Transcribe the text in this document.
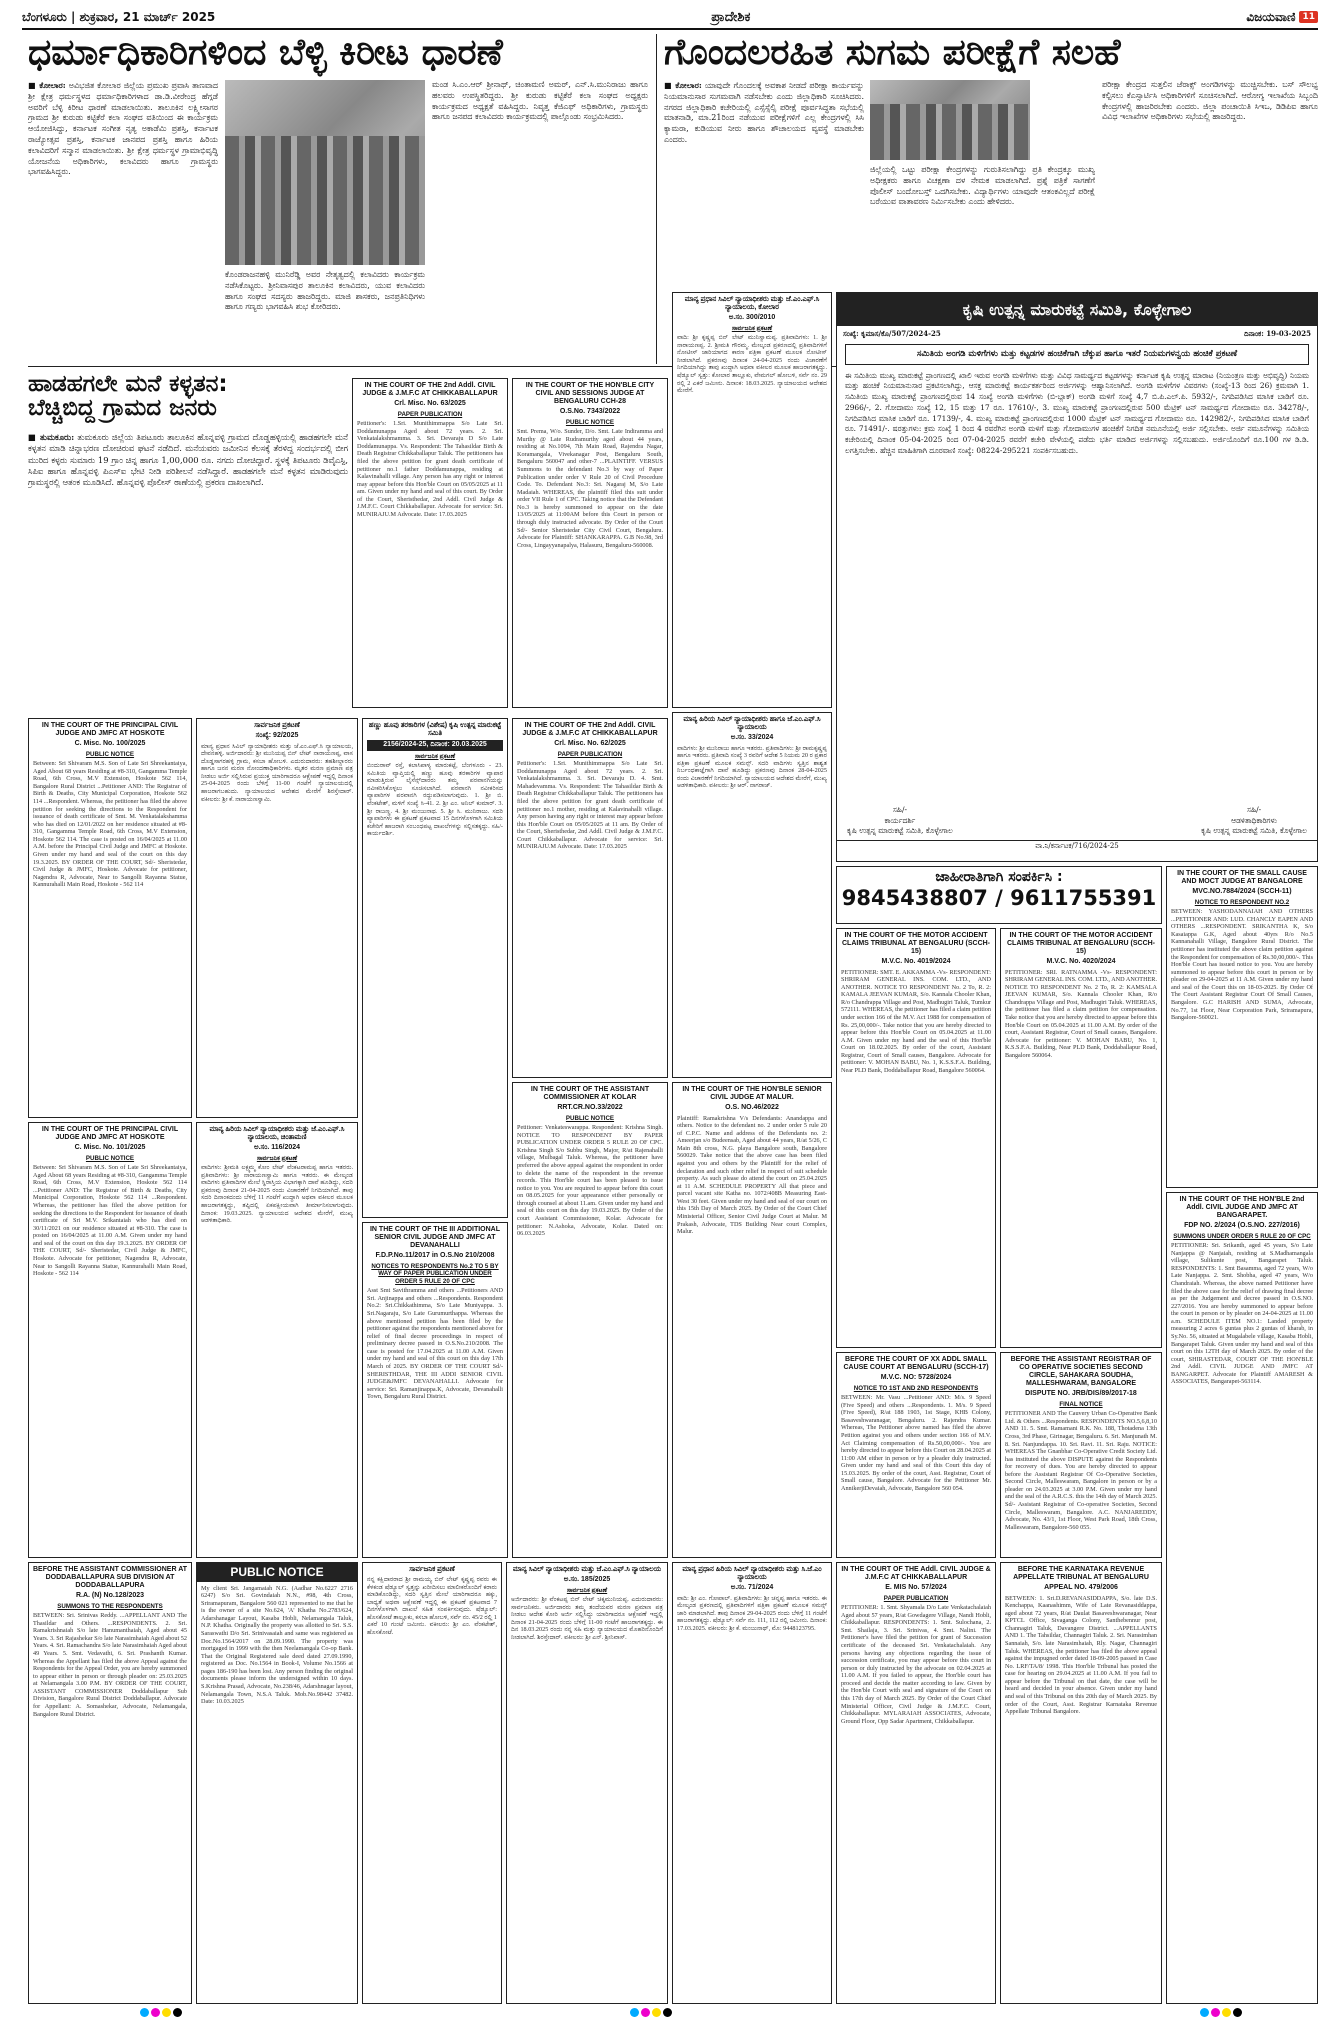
ಬೆಂಗಳೂರು | ಶುಕ್ರವಾರ, 21 ಮಾರ್ಚ್ 2025	ಪ್ರಾದೇಶಿಕ	ವಿಜಯವಾಣಿ 11
ಧರ್ಮಾಧಿಕಾರಿಗಳಿಂದ ಬೆಳ್ಳಿ ಕಿರೀಟ ಧಾರಣೆ	ಗೊಂದಲರಹಿತ ಸುಗಮ ಪರೀಕ್ಷೆಗೆ ಸಲಹೆ
■ ಕೋಲಾರ: ಅವಿಭಜಿತ ಕೋಲಾರ ಜಿಲ್ಲೆಯ ಪ್ರಮುಖ ಪ್ರವಾಸಿ ತಾಣವಾದ ಶ್ರೀ ಕ್ಷೇತ್ರ ಧರ್ಮಸ್ಥಳದ ಧರ್ಮಾಧಿಕಾರಿಗಳಾದ ಡಾ.ಡಿ.ವೀರೇಂದ್ರ ಹೆಗ್ಗಡೆ ಅವರಿಗೆ ಬೆಳ್ಳಿ ಕಿರೀಟ ಧಾರಣೆ ಮಾಡಲಾಯಿತು. ತಾಲೂಕಿನ ಲಕ್ಷ್ಮೀಸಾಗರ ಗ್ರಾಮದ ಶ್ರೀ ಕುರುಡು ಕಟ್ಟಿಕೆರೆ ಕಲಾ ಸಂಘದ ವತಿಯಿಂದ ಈ ಕಾರ್ಯಕ್ರಮ ಆಯೋಜಿಸಿದ್ದು, ಕರ್ನಾಟಕ ಸಂಗೀತ ನೃತ್ಯ ಅಕಾಡೆಮಿ ಪ್ರಶಸ್ತಿ, ಕರ್ನಾಟಕ ರಾಜ್ಯೋತ್ಸವ ಪ್ರಶಸ್ತಿ, ಕರ್ನಾಟಕ ಜಾನಪದ ಪ್ರಶಸ್ತಿ ಹಾಗೂ ಹಿರಿಯ ಕಲಾವಿದರಿಗೆ ಸನ್ಮಾನ ಮಾಡಲಾಯಿತು. ಶ್ರೀ ಕ್ಷೇತ್ರ ಧರ್ಮಸ್ಥಳ ಗ್ರಾಮಾಭಿವೃದ್ಧಿ ಯೋಜನೆಯ ಅಧಿಕಾರಿಗಳು, ಕಲಾವಿದರು ಹಾಗೂ ಗ್ರಾಮಸ್ಥರು ಭಾಗವಹಿಸಿದ್ದರು.
ಕೊಂಡರಾಜನಹಳ್ಳಿ ಮುನಿರೆಡ್ಡಿ ಅವರ ನೇತೃತ್ವದಲ್ಲಿ ಕಲಾವಿದರು ಕಾರ್ಯಕ್ರಮ ನಡೆಸಿಕೊಟ್ಟರು. ಶ್ರೀನಿವಾಸಪುರ ತಾಲೂಕಿನ ಕಲಾವಿದರು, ಯುವ ಕಲಾವಿದರು ಹಾಗೂ ಸಂಘದ ಸದಸ್ಯರು ಹಾಜರಿದ್ದರು. ಮಾಜಿ ಶಾಸಕರು, ಜನಪ್ರತಿನಿಧಿಗಳು ಹಾಗೂ ಗಣ್ಯರು ಭಾಗವಹಿಸಿ ಶುಭ ಕೋರಿದರು.
ಮಂಡ ಸಿ.ಎಂ.ಆರ್ ಶ್ರೀನಾಥ್, ಚಿಂತಾಮಣಿ ಅಮರ್, ಎನ್.ಸಿ.ಮುನಿರಾಜು ಹಾಗೂ ಹಲವರು ಉಪಸ್ಥಿತರಿದ್ದರು. ಶ್ರೀ ಕುರುಡು ಕಟ್ಟಿಕೆರೆ ಕಲಾ ಸಂಘದ ಅಧ್ಯಕ್ಷರು ಕಾರ್ಯಕ್ರಮದ ಅಧ್ಯಕ್ಷತೆ ವಹಿಸಿದ್ದರು. ನಿವೃತ್ತ ಕೆಜಿಎಫ್ ಅಧಿಕಾರಿಗಳು, ಗ್ರಾಮಸ್ಥರು ಹಾಗೂ ಜನಪದ ಕಲಾವಿದರು ಕಾರ್ಯಕ್ರಮದಲ್ಲಿ ಪಾಲ್ಗೊಂಡು ಸಂಭ್ರಮಿಸಿದರು.
■ ಕೋಲಾರ: ಯಾವುದೇ ಗೊಂದಲಕ್ಕೆ ಅವಕಾಶ ನೀಡದೆ ಪರೀಕ್ಷಾ ಕಾರ್ಯವನ್ನು ನಿಯಮಾನುಸಾರ ಸುಗಮವಾಗಿ ನಡೆಸಬೇಕು ಎಂದು ಜಿಲ್ಲಾಧಿಕಾರಿ ಸೂಚಿಸಿದರು. ನಗರದ ಜಿಲ್ಲಾಧಿಕಾರಿ ಕಚೇರಿಯಲ್ಲಿ ಎಸ್ಸೆಸ್ಸೆಲ್ಸಿ ಪರೀಕ್ಷೆ ಪೂರ್ವಸಿದ್ಧತಾ ಸಭೆಯಲ್ಲಿ ಮಾತನಾಡಿ, ಮಾ.21ರಿಂದ ನಡೆಯುವ ಪರೀಕ್ಷೆಗಳಿಗೆ ಎಲ್ಲ ಕೇಂದ್ರಗಳಲ್ಲಿ ಸಿಸಿ ಕ್ಯಾಮರಾ, ಕುಡಿಯುವ ನೀರು ಹಾಗೂ ಶೌಚಾಲಯದ ವ್ಯವಸ್ಥೆ ಮಾಡಬೇಕು ಎಂದರು.
ಜಿಲ್ಲೆಯಲ್ಲಿ ಒಟ್ಟು ಪರೀಕ್ಷಾ ಕೇಂದ್ರಗಳನ್ನು ಗುರುತಿಸಲಾಗಿದ್ದು ಪ್ರತಿ ಕೇಂದ್ರಕ್ಕೂ ಮುಖ್ಯ ಅಧೀಕ್ಷಕರು ಹಾಗೂ ವಿಚಕ್ಷಣಾ ದಳ ನೇಮಕ ಮಾಡಲಾಗಿದೆ. ಪ್ರಶ್ನೆ ಪತ್ರಿಕೆ ಸಾಗಣೆಗೆ ಪೊಲೀಸ್ ಬಂದೋಬಸ್ತ್ ಒದಗಿಸಬೇಕು. ವಿದ್ಯಾರ್ಥಿಗಳು ಯಾವುದೇ ಆತಂಕವಿಲ್ಲದೆ ಪರೀಕ್ಷೆ ಬರೆಯುವ ವಾತಾವರಣ ನಿರ್ಮಿಸಬೇಕು ಎಂದು ಹೇಳಿದರು.
ಪರೀಕ್ಷಾ ಕೇಂದ್ರದ ಸುತ್ತಲಿನ ಜೆರಾಕ್ಸ್ ಅಂಗಡಿಗಳನ್ನು ಮುಚ್ಚಿಸಬೇಕು. ಬಸ್ ಸೌಲಭ್ಯ ಕಲ್ಪಿಸಲು ಕೆಎಸ್ಸಾರ್ಟಿಸಿ ಅಧಿಕಾರಿಗಳಿಗೆ ಸೂಚಿಸಲಾಗಿದೆ. ಆರೋಗ್ಯ ಇಲಾಖೆಯ ಸಿಬ್ಬಂದಿ ಕೇಂದ್ರಗಳಲ್ಲಿ ಹಾಜರಿರಬೇಕು ಎಂದರು. ಜಿಲ್ಲಾ ಪಂಚಾಯಿತಿ ಸಿಇಒ, ಡಿಡಿಪಿಐ ಹಾಗೂ ವಿವಿಧ ಇಲಾಖೆಗಳ ಅಧಿಕಾರಿಗಳು ಸಭೆಯಲ್ಲಿ ಹಾಜರಿದ್ದರು.
ಹಾಡಹಗಲೇ ಮನೆ ಕಳ್ಳತನ:
ಬೆಚ್ಚಿಬಿದ್ದ ಗ್ರಾಮದ ಜನರು
■ ತುಮಕೂರು: ತುಮಕೂರು ಜಿಲ್ಲೆಯ ತಿಪಟೂರು ತಾಲೂಕಿನ ಹೊನ್ನವಳ್ಳಿ ಗ್ರಾಮದ ದೊಡ್ಡಹಳ್ಳಿಯಲ್ಲಿ ಹಾಡಹಗಲೇ ಮನೆ ಕಳ್ಳತನ ಮಾಡಿ ಚಿನ್ನಾಭರಣ ದೋಚಿರುವ ಘಟನೆ ನಡೆದಿದೆ. ಮನೆಯವರು ಜಮೀನಿನ ಕೆಲಸಕ್ಕೆ ತೆರಳಿದ್ದ ಸಂದರ್ಭದಲ್ಲಿ ಬೀಗ ಮುರಿದ ಕಳ್ಳರು ಸುಮಾರು 19 ಗ್ರಾಂ ಚಿನ್ನ ಹಾಗೂ 1,00,000 ರೂ. ನಗದು ದೋಚಿದ್ದಾರೆ. ಸ್ಥಳಕ್ಕೆ ತಿಪಟೂರು ಡಿವೈಎಸ್ಪಿ, ಸಿಪಿಐ ಹಾಗೂ ಹೊನ್ನವಳ್ಳಿ ಪಿಎಸ್ಐ ಭೇಟಿ ನೀಡಿ ಪರಿಶೀಲನೆ ನಡೆಸಿದ್ದಾರೆ. ಹಾಡಹಗಲೇ ಮನೆ ಕಳ್ಳತನ ಮಾಡಿರುವುದು ಗ್ರಾಮಸ್ಥರಲ್ಲಿ ಆತಂಕ ಮೂಡಿಸಿದೆ. ಹೊನ್ನವಳ್ಳಿ ಪೊಲೀಸ್ ಠಾಣೆಯಲ್ಲಿ ಪ್ರಕರಣ ದಾಖಲಾಗಿದೆ.
ಕೃಷಿ ಉತ್ಪನ್ನ ಮಾರುಕಟ್ಟೆ ಸಮಿತಿ, ಕೊಳ್ಳೇಗಾಲ
ಸಂಖ್ಯೆ: ಕೃಮಾಸ/ಕೊ/507/2024-25	ದಿನಾಂಕ: 19-03-2025
ಸಮಿತಿಯ ಅಂಗಡಿ ಮಳಿಗೆಗಳು ಮತ್ತು ಕಟ್ಟಡಗಳ ಹಂಚಿಕೆಗಾಗಿ ಚೆಕ್ಕುಪ ಹಾಗೂ ಇತರೆ ನಿಯಮಗಳನ್ವಯ ಹಂಚಿಕೆ ಪ್ರಕಟಣೆ

ಈ ಸಮಿತಿಯ ಮುಖ್ಯ ಮಾರುಕಟ್ಟೆ ಪ್ರಾಂಗಣದಲ್ಲಿ ಖಾಲಿ ಇರುವ ಅಂಗಡಿ ಮಳಿಗೆಗಳು ಮತ್ತು ವಿವಿಧ ಸಾಮರ್ಥ್ಯದ ಕಟ್ಟಡಗಳನ್ನು ಕರ್ನಾಟಕ ಕೃಷಿ ಉತ್ಪನ್ನ ಮಾರಾಟ (ನಿಯಂತ್ರಣ ಮತ್ತು ಅಭಿವೃದ್ಧಿ) ನಿಯಮ ಮತ್ತು ಹಂಚಿಕೆ ನಿಯಮಾನುಸಾರ ಪ್ರಕಟಿಸಲಾಗಿದ್ದು, ಆಸಕ್ತ ಮಾರುಕಟ್ಟೆ ಕಾರ್ಯಕರ್ತರಿಂದ ಅರ್ಜಿಗಳನ್ನು ಆಹ್ವಾನಿಸಲಾಗಿದೆ. ಅಂಗಡಿ ಮಳಿಗೆಗಳ ವಿವರಗಳು (ಸಂಖ್ಯೆ-13 ರಿಂದ 26) ಕ್ರಮವಾಗಿ 1. ಸಮಿತಿಯ ಮುಖ್ಯ ಮಾರುಕಟ್ಟೆ ಪ್ರಾಂಗಣದಲ್ಲಿರುವ 14 ಸಂಖ್ಯೆ ಅಂಗಡಿ ಮಳಿಗೆಗಳು (ಬಿ-ಬ್ಲಾಕ್) ಅಂಗಡಿ ಮಳಿಗೆ ಸಂಖ್ಯೆ 4,7 ಬಿ.ಪಿ.ಎಲ್.ಪಿ. 5932/-, ನಿಗದಿಪಡಿಸಿದ ಮಾಸಿಕ ಬಾಡಿಗೆ ರೂ. 2966/-, 2. ಗೋದಾಮು ಸಂಖ್ಯೆ 12, 15 ಮತ್ತು 17 ರೂ. 17610/-, 3. ಮುಖ್ಯ ಮಾರುಕಟ್ಟೆ ಪ್ರಾಂಗಣದಲ್ಲಿರುವ 500 ಮೆಟ್ರಿಕ್ ಟನ್ ಸಾಮರ್ಥ್ಯದ ಗೋದಾಮು ರೂ. 34278/-, ನಿಗದಿಪಡಿಸಿದ ಮಾಸಿಕ ಬಾಡಿಗೆ ರೂ. 17139/-, 4. ಮುಖ್ಯ ಮಾರುಕಟ್ಟೆ ಪ್ರಾಂಗಣದಲ್ಲಿರುವ 1000 ಮೆಟ್ರಿಕ್ ಟನ್ ಸಾಮರ್ಥ್ಯದ ಗೋದಾಮು ರೂ. 142982/-, ನಿಗದಿಪಡಿಸಿದ ಮಾಸಿಕ ಬಾಡಿಗೆ ರೂ. 71491/-. ಷರತ್ತುಗಳು: ಕ್ರಮ ಸಂಖ್ಯೆ 1 ರಿಂದ 4 ರವರೆಗಿನ ಅಂಗಡಿ ಮಳಿಗೆ ಮತ್ತು ಗೋದಾಮುಗಳ ಹಂಚಿಕೆಗೆ ನಿಗದಿತ ನಮೂನೆಯಲ್ಲಿ ಅರ್ಜಿ ಸಲ್ಲಿಸಬೇಕು. ಅರ್ಜಿ ನಮೂನೆಗಳನ್ನು ಸಮಿತಿಯ ಕಚೇರಿಯಲ್ಲಿ ದಿನಾಂಕ 05-04-2025 ರಿಂದ 07-04-2025 ರವರೆಗೆ ಕಚೇರಿ ವೇಳೆಯಲ್ಲಿ ಪಡೆದು ಭರ್ತಿ ಮಾಡಿದ ಅರ್ಜಿಗಳನ್ನು ಸಲ್ಲಿಸಬಹುದು. ಅರ್ಜಿಯೊಂದಿಗೆ ರೂ.100 ಗಳ ಡಿ.ಡಿ. ಲಗತ್ತಿಸಬೇಕು. ಹೆಚ್ಚಿನ ಮಾಹಿತಿಗಾಗಿ ದೂರವಾಣಿ ಸಂಖ್ಯೆ: 08224-295221 ಸಂಪರ್ಕಿಸಬಹುದು.

ಸಹಿ/-
ಕಾರ್ಯದರ್ಶಿ
ಕೃಷಿ ಉತ್ಪನ್ನ ಮಾರುಕಟ್ಟೆ ಸಮಿತಿ, ಕೊಳ್ಳೇಗಾಲ
ಸಹಿ/-
ಆಡಳಿತಾಧಿಕಾರಿಗಳು
ಕೃಷಿ ಉತ್ಪನ್ನ ಮಾರುಕಟ್ಟೆ ಸಮಿತಿ, ಕೊಳ್ಳೇಗಾಲ
ವಾ.ನಿ/ಕರ್ನಾಟಕ/716/2024-25
ಜಾಹೀರಾತಿಗಾಗಿ ಸಂಪರ್ಕಿಸಿ :
9845438807 / 9611755391
IN THE COURT OF THE PRINCIPAL CIVIL JUDGE AND JMFC AT HOSKOTE
C. Misc. No. 100/2025
PUBLIC NOTICE

Between: Sri Shivaram M.S. Son of Late Sri Shreekantaiya, Aged About 68 years Residing at #8-310, Gangamma Temple Road, 6th Cross, M.V Extension, Hoskote 562 114, Bangalore Rural District ...Petitioner AND: The Registrar of Birth & Deaths, City Municipal Corporation, Hoskote 562 114 ...Respondent. Whereas, the petitioner has filed the above petition for seeking the directions to the Respondent for issuance of death certificate of Smt. M. Venkatalakshamma who has died on 12/01/2022 on her residence situated at #8-310, Gangamma Temple Road, 6th Cross, M.V Extension, Hoskote 562 114. The case is posted on 16/04/2025 at 11.00 A.M. before the Principal Civil Judge and JMFC at Hoskote. Given under my hand and seal of the court on this day 19.3.2025. BY ORDER OF THE COURT, Sd/- Sheristedar, Civil Judge & JMFC, Hoskote. Advocate for petitioner, Nagendra R, Advocate, Near to Sangolli Rayanna Statue, Kannurahalli Main Road, Hoskote - 562 114

IN THE COURT OF THE PRINCIPAL CIVIL JUDGE AND JMFC AT HOSKOTE
C. Misc. No. 101/2025
PUBLIC NOTICE

Between: Sri Shivaram M.S. Son of Late Sri Shreekantaiya, Aged About 68 years Residing at #8-310, Gangamma Temple Road, 6th Cross, M.V Extension, Hoskote 562 114 ...Petitioner AND: The Registrar of Birth & Deaths, City Municipal Corporation, Hoskote 562 114 ...Respondent. Whereas, the petitioner has filed the above petition for seeking the directions to the Respondent for issuance of death certificate of Sri M.V. Srikantaiah who has died on 30/11/2021 on our residence situated at #8-310. The case is posted on 16/04/2025 at 11.00 A.M. Given under my hand and seal of the court on this day 19.3.2025. BY ORDER OF THE COURT, Sd/- Sheristedar, Civil Judge & JMFC, Hoskote. Advocate for petitioner, Nagendra R, Advocate, Near to Sangolli Rayanna Statue, Kannurahalli Main Road, Hoskote - 562 114

BEFORE THE ASSISTANT COMMISSIONER AT DODDABALLAPURA SUB DIVISION AT DODDABALLAPURA
R.A. (N) No.128/2023
SUMMONS TO THE RESPONDENTS

BETWEEN: Sri. Srinivas Reddy. ...APPELLANT AND The Thasildar and Others. ...RESPONDENTS. 2. Sri. Ramakrishnaiah S/o late Hanumanthaiah, Aged about 45 Years. 3. Sri Rajashekar S/o late Narasimhaiah Aged about 52 Years. 4. Sri. Ramachandra S/o late Narasimhaiah Aged about 49 Years. 5. Smt. Vedavathi, 6. Sri. Prashanth Kumar. Whereas the Appellant has filed the above Appeal against the Respondents for the Appeal Order, you are hereby summoned to appear either in person or through pleader on: 25.03.2025 at Nelamangala 3.00 P.M. BY ORDER OF THE COURT, ASSISTANT COMMISSIONER Doddaballapur Sub Division, Bangalore Rural District Doddaballapur. Advocate for Appellant: A. Somashekar, Advocate, Nelamangala, Bangalore Rural District.

ಸಾರ್ವಜನಿಕ ಪ್ರಕಟಣೆ
ಸಂಖ್ಯೆ: 92/2025

ಮಾನ್ಯ ಪ್ರಧಾನ ಸಿವಿಲ್ ನ್ಯಾಯಾಧೀಶರು ಮತ್ತು ಜೆ.ಎಂ.ಎಫ್.ಸಿ ನ್ಯಾಯಾಲಯ, ದೇವನಹಳ್ಳಿ. ಅರ್ಜಿದಾರರು: ಶ್ರೀ ಮುನಿಯಪ್ಪ ಬಿನ್ ಲೇಟ್ ನಾರಾಯಣಪ್ಪ, ವಾಸ ದೊಡ್ಡಸಾಗರಹಳ್ಳಿ ಗ್ರಾಮ, ಕಸಬಾ ಹೋಬಳಿ. ಎದುರುದಾರರು: ತಹಶೀಲ್ದಾರರು ಹಾಗೂ ಜನನ ಮರಣ ನೋಂದಣಾಧಿಕಾರಿಗಳು. ಮೃತರ ಮರಣ ಪ್ರಮಾಣ ಪತ್ರ ನೀಡಲು ಅರ್ಜಿ ಸಲ್ಲಿಸಿರುವ ಪ್ರಯುಕ್ತ ಯಾರಿಗಾದರೂ ಆಕ್ಷೇಪಣೆ ಇದ್ದಲ್ಲಿ ದಿನಾಂಕ 25-04-2025 ರಂದು ಬೆಳಿಗ್ಗೆ 11-00 ಗಂಟೆಗೆ ನ್ಯಾಯಾಲಯದಲ್ಲಿ ಹಾಜರಾಗಬಹುದು. ನ್ಯಾಯಾಲಯದ ಆದೇಶದ ಮೇರೆಗೆ ಶಿರಸ್ತೇದಾರ್. ವಕೀಲರು: ಶ್ರೀ ಕೆ. ನಾರಾಯಣಸ್ವಾಮಿ.

ಮಾನ್ಯ ಹಿರಿಯ ಸಿವಿಲ್ ನ್ಯಾಯಾಧೀಶರು ಮತ್ತು ಜೆ.ಎಂ.ಎಫ್.ಸಿ ನ್ಯಾಯಾಲಯ, ಚಿಂತಾಮಣಿ
ಅ.ಸಂ. 116/2024
ಸಾರ್ವಜನಿಕ ಪ್ರಕಟಣೆ

ವಾದಿಗಳು: ಶ್ರೀಮತಿ ಲಕ್ಷ್ಮಮ್ಮ ಕೋಂ ಲೇಟ್ ವೆಂಕಟರಾಮಪ್ಪ ಹಾಗೂ ಇತರರು. ಪ್ರತಿವಾದಿಗಳು: ಶ್ರೀ ನಾರಾಯಣಸ್ವಾಮಿ ಹಾಗೂ ಇತರರು. ಈ ಮೇಲ್ಕಂಡ ವಾದಿಗಳು ಪ್ರತಿವಾದಿಗಳ ಮೇಲೆ ಸ್ಥಿರಾಸ್ತಿಯ ವಿಭಾಗಕ್ಕಾಗಿ ದಾವೆ ಹೂಡಿದ್ದು, ಸದರಿ ಪ್ರಕರಣವು ದಿನಾಂಕ 21-04-2025 ರಂದು ವಿಚಾರಣೆಗೆ ನಿಗದಿಯಾಗಿದೆ. ತಾವು ಸದರಿ ದಿನಾಂಕದಂದು ಬೆಳಿಗ್ಗೆ 11 ಗಂಟೆಗೆ ಖುದ್ದಾಗಿ ಅಥವಾ ವಕೀಲರ ಮೂಲಕ ಹಾಜರಾಗತಕ್ಕದ್ದು, ತಪ್ಪಿದಲ್ಲಿ ಏಕಪಕ್ಷೀಯವಾಗಿ ತೀರ್ಮಾನಿಸಲಾಗುವುದು. ದಿನಾಂಕ: 19.03.2025. ನ್ಯಾಯಾಲಯದ ಆದೇಶದ ಮೇರೆಗೆ, ಮುಖ್ಯ ಆಡಳಿತಾಧಿಕಾರಿ.

PUBLIC NOTICE

My client Sri. Jangamaiah N.G. (Aadhar No.6227 2716 6247) S/o Sri. Govindaiah N.N., #98, 4th Cross, Sriramapuram, Bangalore 560 021 represented to me that he is the owner of a site No.624, 'A' Khatha No.2783/624, Adarshanagar Layout, Kasaba Hobli, Nelamangala Taluk, N.P. Khatha. Originally the property was allotted to Sri. S.S. Saraswathi D/o Sri. Srinivasaiah and same was registered as Doc.No.1564/2017 on 28.09.1990. The property was mortgaged in 1999 with the then Neelamangala Co-op Bank. That the Original Registered sale deed dated 27.09.1990, registered as Doc. No.1564 in Book-I, Volume No.1566 at pages 186-190 has been lost. Any person finding the original documents please inform the undersigned within 10 days. S.Krishna Prasad, Advocate, No.238/46, Adarshnagar layout, Nelamangala Town, N.S.A Taluk. Mob.No.98442 37482. Date: 10.03.2025

IN THE COURT OF THE 2nd Addl. CIVIL JUDGE & J.M.F.C AT CHIKKABALLAPUR
Crl. Misc. No. 63/2025
PAPER PUBLICATION

Petitioner's: 1.Sri. Munithimmappa S/o Late Sri. Doddamunappa Aged about 72 years. 2. Sri. Venkatalakshmamma. 3. Sri. Devaraju D S/o Late Doddamunappa. Vs. Respondent: The Tahasildar Birth & Death Registrar Chikkaballapur Taluk. The petitioners has filed the above petition for grant death certificate of petitioner no.1 father Doddamunappa, residing at Kalavinahalli village. Any person has any right or interest may appear before this Hon'ble Court on 05/05/2025 at 11 am. Given under my hand and seal of this court. By Order of the Court, Sheristhedar, 2nd Addl. Civil Judge & J.M.F.C. Court Chikkaballapur. Advocate for service: Sri. MUNIRAJU.M Advocate. Date: 17.03.2025

ಹಣ್ಣು ಹೂವು ತರಕಾರಿಗಳ (ವಿಶೇಷ) ಕೃಷಿ ಉತ್ಪನ್ನ ಮಾರುಕಟ್ಟೆ ಸಮಿತಿ
2156/2024-25, ದಿನಾಂಕ: 20.03.2025
ಸಾರ್ವಜನಿಕ ಪ್ರಕಟಣೆ

ಬಿಂದುರಾವ್ ರಸ್ತೆ, ಕಲಾಸಿಪಾಳ್ಯ ಮಾರುಕಟ್ಟೆ, ಬೆಂಗಳೂರು - 23. ಸಮಿತಿಯ ವ್ಯಾಪ್ತಿಯಲ್ಲಿ ಹಣ್ಣು ಹೂವು ತರಕಾರಿಗಳ ವ್ಯಾಪಾರ ಮಾಡುತ್ತಿರುವ ಲೈಸೆನ್ಸ್‌ದಾರರು ತಮ್ಮ ಪರವಾನಗಿಯನ್ನು ನವೀಕರಿಸಿಕೊಳ್ಳಲು ಸೂಚಿಸಲಾಗಿದೆ. ಪರವಾನಗಿ ನವೀಕರಿಸದ ವ್ಯಾಪಾರಿಗಳ ಪರವಾನಗಿ ರದ್ದುಪಡಿಸಲಾಗುವುದು. 1. ಶ್ರೀ ಬಿ. ವೆಂಕಟೇಶ್, ಮಳಿಗೆ ಸಂಖ್ಯೆ ಸಿ-41. 2. ಶ್ರೀ ಎಂ. ಅನಿಲ್ ಕುಮಾರ್. 3. ಶ್ರೀ ರಾಜಣ್ಣ. 4. ಶ್ರೀ ಮಂಜುನಾಥ. 5. ಶ್ರೀ ಸಿ. ಮುನಿರಾಜು. ಸದರಿ ವ್ಯಾಪಾರಿಗಳು ಈ ಪ್ರಕಟಣೆ ಪ್ರಕಟವಾದ 15 ದಿನಗಳೊಳಗಾಗಿ ಸಮಿತಿಯ ಕಚೇರಿಗೆ ಹಾಜರಾಗಿ ಸಂಬಂಧಪಟ್ಟ ದಾಖಲೆಗಳನ್ನು ಸಲ್ಲಿಸತಕ್ಕದ್ದು. ಸಹಿ/- ಕಾರ್ಯದರ್ಶಿ.

IN THE COURT OF THE III ADDITIONAL SENIOR CIVIL JUDGE AND JMFC AT DEVANAHALLI
F.D.P.No.11/2017 in O.S.No 210/2008
NOTICES TO RESPONDENTS No.2 TO 5 BY WAY OF PAPER PUBLICATION UNDER ORDER 5 RULE 20 OF CPC

Asst Smt Savithramma and others ...Petitioners AND Sri. Anjinappa and others ...Respondents. Respondent No.2: Sri.Chikkathimma, S/o Late Muniyappa. 3. Sri.Nagaraju, S/o Late Gurumurthappa. Whereas the above mentioned petition has been filed by the petitioner against the respondents mentioned above for relief of final decree proceedings in respect of preliminary decree passed in O.S.No.210/2008. The case is posted for 17.04.2025 at 11.00 A.M. Given under my hand and seal of this court on this day 17th March of 2025. BY ORDER OF THE COURT Sd/- SHERISTHDAR, THE III ADDI SENIOR CIVIL JUDGE&JMFC DEVANAHALLI. Advocate for service: Sri. Ramanjinappa.K, Advocate, Devanahalli Town, Bengaluru Rural District.

ಸಾರ್ವಜನಿಕ ಪ್ರಕಟಣೆ

ನನ್ನ ಕಕ್ಷಿದಾರರಾದ ಶ್ರೀ ರಾಮಯ್ಯ ಬಿನ್ ಲೇಟ್ ಕೃಷ್ಣಪ್ಪ ರವರು ಈ ಕೆಳಕಂಡ ಷೆಡ್ಯೂಲ್ ಸ್ವತ್ತನ್ನು ಖರೀದಿಸಲು ಮಾಲೀಕರೊಂದಿಗೆ ಕರಾರು ಮಾಡಿಕೊಂಡಿದ್ದು, ಸದರಿ ಸ್ವತ್ತಿನ ಮೇಲೆ ಯಾರಿಗಾದರೂ ಹಕ್ಕು, ಬಾಧ್ಯತೆ ಅಥವಾ ಆಕ್ಷೇಪಣೆ ಇದ್ದಲ್ಲಿ ಈ ಪ್ರಕಟಣೆ ಪ್ರಕಟವಾದ 7 ದಿನಗಳೊಳಗಾಗಿ ದಾಖಲೆ ಸಹಿತ ಸಂಪರ್ಕಿಸುವುದು. ಷೆಡ್ಯೂಲ್: ಹೊಸಕೋಟೆ ತಾಲ್ಲೂಕು, ಕಸಬಾ ಹೋಬಳಿ, ಸರ್ವೆ ನಂ. 45/2 ರಲ್ಲಿ 1 ಎಕರೆ 10 ಗುಂಟೆ ಜಮೀನು. ವಕೀಲರು: ಶ್ರೀ ಎಂ. ವೆಂಕಟೇಶ್, ಹೊಸಕೋಟೆ.

IN THE COURT OF THE HON'BLE CITY CIVIL AND SESSIONS JUDGE AT BENGALURU CCH-28
O.S.No. 7343/2022
PUBLIC NOTICE

Smt. Prema, W/o. Sunder, D/o. Smt. Late Indiramma and Murthy @ Late Rudramurthy aged about 44 years, residing at No.1094, 7th Main Road, Rajendra Nagar, Koramangala, Vivekanagar Post, Bengaluru South, Bengaluru 560047 and other-7 ...PLAINTIFF. VERSUS Summons to the defendant No.3 by way of Paper Publication under order V Rule 20 of Civil Procedure Code. To. Defendant No.3: Sri. Nagaraj M, S/o Late Madaiah. WHEREAS, the plaintiff filed this suit under order VII Rule 1 of CPC. Taking notice that the Defendant No.3 is hereby summoned to appear on the date 13/05/2025 at 11:00AM before this Court in person or through duly instructed advocate. By Order of the Court Sd/- Senior Sheristedar City Civil Court, Bengaluru. Advocate for Plaintiff: SHANKARAPPA. G.B No.98, 3rd Cross, Lingayyanapalya, Halasuru, Bengaluru-560008.

IN THE COURT OF THE 2nd Addl. CIVIL JUDGE & J.M.F.C AT CHIKKABALLAPUR
Crl. Misc. No. 62/2025
PAPER PUBLICATION

Petitioner's: 1.Sri. Munithimmappa S/o Late Sri. Doddamunappa Aged about 72 years. 2. Sri. Venkatalakshmamma. 3. Sri. Devaraju D. 4. Smt. Mahadevamma. Vs. Respondent: The Tahasildar Birth & Death Registrar Chikkaballapur Taluk. The petitioners has filed the above petition for grant death certificate of petitioner no.1 mother, residing at Kalavinahalli village. Any person having any right or interest may appear before this Hon'ble Court on 05/05/2025 at 11 am. By Order of the Court, Sheristhedar, 2nd Addl. Civil Judge & J.M.F.C. Court Chikkaballapur. Advocate for service: Sri. MUNIRAJU.M Advocate. Date: 17.03.2025

IN THE COURT OF THE ASSISTANT COMMISSIONER AT KOLAR
RRT.CR.NO.33/2022
PUBLIC NOTICE

Petitioner: Venkateswarappa. Respondent: Krishna Singh. NOTICE TO RESPONDENT BY PAPER PUBLICATION UNDER ORDER 5 RULE 20 OF CPC. Krishna Singh S/o Subbu Singh, Major, R/at Rajenahalli village, Mulbagal Taluk. Whereas, the petitioner have preferred the above appeal against the respondent in order to delete the name of the respondent in the revenue records. This Hon'ble court has been pleased to issue notice to you. You are required to appear before this court on 08.05.2025 for your appearance either personally or through counsel at about 11.am. Given under my hand and seal of this court on this day 19.03.2025. By Order of the court Assistant Commissioner, Kolar. Advocate for petitioner: N.Ashoka, Advocate, Kolar. Dated on: 06.03.2025

ಮಾನ್ಯ ಸಿವಿಲ್ ನ್ಯಾಯಾಧೀಶರು ಮತ್ತು ಜೆ.ಎಂ.ಎಫ್.ಸಿ ನ್ಯಾಯಾಲಯ
ಅ.ಸಂ. 185/2025
ಸಾರ್ವಜನಿಕ ಪ್ರಕಟಣೆ

ಅರ್ಜಿದಾರರು: ಶ್ರೀ ವೆಂಕಟಪ್ಪ ಬಿನ್ ಲೇಟ್ ಚಿಕ್ಕಮುನಿಯಪ್ಪ. ಎದುರುದಾರರು: ಸಾರ್ವಜನಿಕರು. ಅರ್ಜಿದಾರರು ತಮ್ಮ ತಂದೆಯವರ ಮರಣ ಪ್ರಮಾಣ ಪತ್ರ ನೀಡಲು ಆದೇಶ ಕೋರಿ ಅರ್ಜಿ ಸಲ್ಲಿಸಿದ್ದು ಯಾರಿಗಾದರೂ ಆಕ್ಷೇಪಣೆ ಇದ್ದಲ್ಲಿ ದಿನಾಂಕ 21-04-2025 ರಂದು ಬೆಳಿಗ್ಗೆ 11-00 ಗಂಟೆಗೆ ಹಾಜರಾಗತಕ್ಕದ್ದು. ಈ ದಿನ 18.03.2025 ರಂದು ನನ್ನ ಸಹಿ ಮತ್ತು ನ್ಯಾಯಾಲಯದ ಮೊಹರಿನೊಂದಿಗೆ ನೀಡಲಾಗಿದೆ. ಶಿರಸ್ತೇದಾರ್. ವಕೀಲರು: ಶ್ರೀ ಎನ್. ಶ್ರೀನಿವಾಸ್.

ಮಾನ್ಯ ಪ್ರಧಾನ ಸಿವಿಲ್ ನ್ಯಾಯಾಧೀಶರು ಮತ್ತು ಜೆ.ಎಂ.ಎಫ್.ಸಿ ನ್ಯಾಯಾಲಯ, ಕೋಲಾರ
ಅ.ಸಂ. 300/2010
ಸಾರ್ವಜನಿಕ ಪ್ರಕಟಣೆ

ವಾದಿ: ಶ್ರೀ ಕೃಷ್ಣಪ್ಪ ಬಿನ್ ಲೇಟ್ ಮುನಿಸ್ವಾಮಪ್ಪ. ಪ್ರತಿವಾದಿಗಳು: 1. ಶ್ರೀ ನಾರಾಯಣಪ್ಪ. 2. ಶ್ರೀಮತಿ ಗೌರಮ್ಮ. ಮೇಲ್ಕಂಡ ಪ್ರಕರಣದಲ್ಲಿ ಪ್ರತಿವಾದಿಗಳಿಗೆ ನೋಟೀಸ್ ಜಾರಿಯಾಗದ ಕಾರಣ ಪತ್ರಿಕಾ ಪ್ರಕಟಣೆ ಮೂಲಕ ನೋಟೀಸ್ ನೀಡಲಾಗಿದೆ. ಪ್ರಕರಣವು ದಿನಾಂಕ 24-04-2025 ರಂದು ವಿಚಾರಣೆಗೆ ನಿಗದಿಯಾಗಿದ್ದು ತಾವು ಖುದ್ದಾಗಿ ಅಥವಾ ವಕೀಲರ ಮೂಲಕ ಹಾಜರಾಗತಕ್ಕದ್ದು. ಷೆಡ್ಯೂಲ್ ಸ್ವತ್ತು: ಕೋಲಾರ ತಾಲ್ಲೂಕು, ವೇಮಗಲ್ ಹೋಬಳಿ, ಸರ್ವೆ ನಂ. 29 ರಲ್ಲಿ 2 ಎಕರೆ ಜಮೀನು. ದಿನಾಂಕ: 18.03.2025. ನ್ಯಾಯಾಲಯದ ಆದೇಶದ ಮೇರೆಗೆ.

ಮಾನ್ಯ ಹಿರಿಯ ಸಿವಿಲ್ ನ್ಯಾಯಾಧೀಶರು ಹಾಗೂ ಜೆ.ಎಂ.ಎಫ್.ಸಿ ನ್ಯಾಯಾಲಯ
ಅ.ಸಂ. 33/2024

ವಾದಿಗಳು: ಶ್ರೀ ಮುನಿರಾಜು ಹಾಗೂ ಇತರರು. ಪ್ರತಿವಾದಿಗಳು: ಶ್ರೀ ರಾಮಕೃಷ್ಣಪ್ಪ ಹಾಗೂ ಇತರರು. ಪ್ರತಿವಾದಿ ಸಂಖ್ಯೆ 3 ರವರಿಗೆ ಆದೇಶ 5 ನಿಯಮ 20 ರ ಪ್ರಕಾರ ಪತ್ರಿಕಾ ಪ್ರಕಟಣೆ ಮೂಲಕ ಸಮನ್ಸ್. ಸದರಿ ವಾದಿಗಳು ಸ್ವತ್ತಿನ ಶಾಶ್ವತ ನಿರ್ಬಂಧಕಾಜ್ಞೆಗಾಗಿ ದಾವೆ ಹೂಡಿದ್ದು ಪ್ರಕರಣವು ದಿನಾಂಕ 28-04-2025 ರಂದು ವಿಚಾರಣೆಗೆ ನಿಗದಿಯಾಗಿದೆ. ನ್ಯಾಯಾಲಯದ ಆದೇಶದ ಮೇರೆಗೆ, ಮುಖ್ಯ ಆಡಳಿತಾಧಿಕಾರಿ. ವಕೀಲರು: ಶ್ರೀ ಆರ್. ನಾಗರಾಜ್.

IN THE COURT OF THE HON'BLE SENIOR CIVIL JUDGE AT MALUR.
O.S. NO.46/2022

Plaintiff: Ramakrishna V/s Defendants: Anandappa and others. Notice to the defendant no. 2 under order 5 rule 20 of C.P.C. Name and address of the Defendants no. 2: Ameerjan s/o Budeensab, Aged about 44 years, R/at 5/26, C Main 8th cross, N.G. playa Bangalore south, Bangalore 560029. Take notice that the above case has been filed against you and others by the Plaintiff for the relief of declaration and such other relief in respect of suit schedule property. As such please do attend the court on 25.04.2025 at 11 A.M. SCHEDULE PROPERTY All that piece and parcel vacant site Katha no. 1072/408B Measuring East-West 30 feet. Given under my hand and seal of our court on this 15th Day of March 2025. By Order of the Court Chief Ministerial Officer, Senior Civil Judge Court at Malur. M Prakash, Advocate, TDS Building Near court Complex, Malur.

ಮಾನ್ಯ ಪ್ರಧಾನ ಹಿರಿಯ ಸಿವಿಲ್ ನ್ಯಾಯಾಧೀಶರು ಮತ್ತು ಸಿ.ಜೆ.ಎಂ ನ್ಯಾಯಾಲಯ
ಅ.ಸಂ. 71/2024

ವಾದಿ: ಶ್ರೀ ಎಂ. ಗೋಪಾಲ್. ಪ್ರತಿವಾದಿಗಳು: ಶ್ರೀ ಚನ್ನಪ್ಪ ಹಾಗೂ ಇತರರು. ಈ ಮೇಲ್ಕಂಡ ಪ್ರಕರಣದಲ್ಲಿ ಪ್ರತಿವಾದಿಗಳಿಗೆ ಪತ್ರಿಕಾ ಪ್ರಕಟಣೆ ಮೂಲಕ ಸಮನ್ಸ್ ಜಾರಿ ಮಾಡಲಾಗಿದೆ. ತಾವು ದಿನಾಂಕ 29-04-2025 ರಂದು ಬೆಳಿಗ್ಗೆ 11 ಗಂಟೆಗೆ ಹಾಜರಾಗತಕ್ಕದ್ದು. ಷೆಡ್ಯೂಲ್: ಸರ್ವೆ ನಂ. 111, 112 ರಲ್ಲಿ ಜಮೀನು. ದಿನಾಂಕ: 17.03.2025. ವಕೀಲರು: ಶ್ರೀ ಕೆ. ಮಂಜುನಾಥ್, ಮೊ: 9448123795.

IN THE COURT OF THE MOTOR ACCIDENT CLAIMS TRIBUNAL AT BENGALURU (SCCH-15)
M.V.C. No. 4019/2024

PETITIONER: SMT. E. AKKAMMA -Vs- RESPONDENT: SHRIRAM GENERAL INS. COM. LTD., AND ANOTHER. NOTICE TO RESPONDENT No. 2 To, R. 2: KAMALA JEEVAN KUMAR, S/o. Kannala Chooler Khan, R/o Chandrappa Village and Post, Madhugiri Taluk, Tumkur 572111. WHEREAS, the petitioner has filed a claim petition under section 166 of the M.V. Act 1988 for compensation of Rs. 25,00,000/-. Take notice that you are hereby directed to appear before this Hon'ble Court on 05.04.2025 at 11.00 A.M. Given under my hand and the seal of this Hon'ble Court on 18.02.2025. By order of the court, Assistant Registrar, Court of Small causes, Bangalore. Advocate for petitioner: V. MOHAN BABU, No. 1, K.S.S.F.A. Building, Near PLD Bank, Doddaballapur Road, Bangalore 560064.

IN THE COURT OF THE MOTOR ACCIDENT CLAIMS TRIBUNAL AT BENGALURU (SCCH-15)
M.V.C. No. 4020/2024

PETITIONER: SRI. RATNAMMA -Vs- RESPONDENT: SHRIRAM GENERAL INS. COM. LTD., AND ANOTHER. NOTICE TO RESPONDENT No. 2 To, R. 2: KAMSALA JEEVAN KUMAR, S/o. Kannala Chooler Khan, R/o Chandrappa Village and Post, Madhugiri Taluk. WHEREAS, the petitioner has filed a claim petition for compensation. Take notice that you are hereby directed to appear before this Hon'ble Court on 05.04.2025 at 11.00 A.M. By order of the court, Assistant Registrar, Court of Small causes, Bangalore. Advocate for petitioner: V. MOHAN BABU, No. 1, K.S.S.F.A. Building, Near PLD Bank, Doddaballapur Road, Bangalore 560064.

IN THE COURT OF THE SMALL CAUSE AND MOCT JUDGE AT BANGALORE
MVC.NO.7884/2024 (SCCH-11)
NOTICE TO RESPONDENT NO.2

BETWEEN: YASHODANNAIAH AND OTHERS ...PETITIONER AND: LUD. CHANCLY EAPEN AND OTHERS ...RESPONDENT. SRIKANTHA K, S/o Kasaiappa G.K, Aged about 40yrs R/o No.5 Kannanahalli Village, Bangalore Rural District. The petitioner has instituted the above claim petition against the Respondent for compensation of Rs.30,00,000/-. This Hon'ble Court has issued notice to you. You are hereby summoned to appear before this court in person or by pleader on 29-04-2025 at 11 A.M. Given under my hand and seal of the Court this on 18-03-2025. By Order Of The Court Assistant Registrar Court Of Small Causes, Bangalore. G.C HARISH AND SUMA, Advocate, No.77, 1st Floor, Near Corporation Park, Sriramapura, Bangalore-560021.

IN THE COURT OF THE HON'BLE 2nd Addl. CIVIL JUDGE AND JMFC AT BANGARAPET.
FDP NO. 2/2024 (O.S.NO. 227/2016)
SUMMONS UNDER ORDER 5 RULE 20 OF CPC

PETITIONER: Sri. Srikanth, aged 45 years, S/o Late Nanjappa @ Nanjaiah, residing at S.Madhamangala village, Sulikunte post, Bangarapet Taluk. RESPONDENTS: 1. Smt Basamma, aged 72 years, W/o Late Nanjappa. 2. Smt. Shobha, aged 47 years, W/o Chandraiah. Whereas, the above named Petitioner have filed the above case for the relief of drawing final decree as per the Judgement and decree passed in O.S.NO. 227/2016. You are hereby summoned to appear before the court in person or by pleader on 24-04-2025 at 11.00 a.m. SCHEDULE ITEM NO.1: Landed property measuring 2 acres 6 guntas plus 2 guntas of kharab, in Sy.No. 56, situated at Mugalabele village, Kasaba Hobli, Bangarapet Taluk. Given under my hand and seal of this court on this 12TH day of March 2025. By order of the court, SHIRASTEDAR, COURT OF THE HON'BLE 2nd Addl. CIVIL JUDGE AND JMFC AT BANGARPET. Advocate for Plaintiff AMARESH & ASSOCIATES, Bangarapet-563114.

BEFORE THE COURT OF XX ADDL SMALL CAUSE COURT AT BENGALURU (SCCH-17)
M.V.C. NO: 5728/2024
NOTICE TO 1ST AND 2ND RESPONDENTS

BETWEEN: Mr. Vasu ...Petitioner AND: M/s. 9 Speed (Five Speed) and others ...Respondents. 1. M/s. 9 Speed (Five Speed), R/at 188 1903, 1st Stage, KHB Colony, Basaveshwaranagar, Bengaluru. 2. Rajendra Kumar. Whereas, The Petitioner above named has filed the above Petition against you and others under section 166 of M.V. Act Claiming compensation of Rs.50,00,000/-. You are hereby directed to appear before this Court on 28.04.2025 at 11:00 AM either in person or by a pleader duly instructed. Given under my hand and seal of this Court this day of 15.03.2025. By order of the court, Asst. Registrar, Court of Small cause, Bangalore. Advocate for the Petitioner Mr. AnnikerjiDevaiah, Advocate, Bangalore 560 054.

BEFORE THE ASSISTANT REGISTRAR OF CO OPERATIVE SOCIETIES SECOND CIRCLE, SAHAKARA SOUDHA, MALLESHWARAM, BANGALORE
DISPUTE NO. JRB/DIS/89/2017-18
FINAL NOTICE

PETITIONER AND The Cauvery Urban Co-Operative Bank Ltd. & Others ...Respondents. RESPONDENTS NO.5,6,8,10 AND 11. 5. Smt. Ramamani R.K. No. 188, Thotadena 13th Cross, 3rd Phase, Girinagar, Bengaluru. 6. Sri. Manjunath M. 8. Sri. Nanjundappa. 10. Sri. Ravi. 11. Sri. Raju. NOTICE: WHEREAS The Gnanbhar Co-Operative Credit Society Ltd. has instituted the above DISPUTE against the Respondents for recovery of dues. You are hereby directed to appear before the Assistant Registrar Of Co-Operative Societies, Second Circle, Malleswaram, Bangalore in person or by a pleader on 24.03.2025 at 3.00 P.M. Given under my hand and the seal of the A.R.C.S. this the 14th day of March 2025. Sd/- Assistant Registrar of Co-operative Societies, Second Circle, Malleswaram, Bangalore. A.C. NANJAREDDY, Advocate, No. 43/1, 1st Floor, West Park Road, 18th Cross, Malleswaram, Bangalore-560 055.

IN THE COURT OF THE Addl. CIVIL JUDGE & J.M.F.C AT CHIKKABALLAPUR
E. MIS No. 57/2024
PAPER PUBLICATION

PETITIONER: 1. Smt. Shyamala D/o Late Venkatachalaiah Aged about 57 years, R/at Gowdagere Village, Nandi Hobli, Chikkaballapur. RESPONDENTS: 1. Smt. Sulochana, 2. Smt. Shailaja, 3. Sri. Srinivas, 4. Smt. Nalini. The Petitioner's have filed the petition for grant of Succession certificate of the deceased Sri. Venkatachalaiah. Any persons having any objections regarding the issue of succession certificate, you may appear before this court in person or duly instructed by the advocate on 02.04.2025 at 11.00 A.M. If you failed to appear, the Hon'ble court has proceed and decide the matter according to law. Given by the Hon'ble Court with seal and signature of the Court on this 17th day of March 2025. By Order of the Court Chief Ministerial Officer, Civil Judge & J.M.F.C. Court, Chikkaballapur. MYLARAIAH ASSOCIATES, Advocate, Ground Floor, Opp Sadar Apartment, Chikkaballapur.

BEFORE THE KARNATAKA REVENUE APPELLATE TRIBUNAL AT BENGALURU
APPEAL NO. 479/2006

BETWEEN: 1. Sri.D.REVANASIDDAPPA, S/o. late D.S. Kenchappa, Kaanashimm, Wife of Late Revanasiddappa, aged about 72 years, R/at Daulat Basaveshwaranagar, Near KPTCL Office, Sivaganga Colony, Santhebennur post, Channagiri Taluk, Davangere District. ...APPELLANTS AND 1. The Tahsildar, Channagiri Taluk. 2. Sri. Narasimhan Sannaiah, S/o. late Narasimhaiah, Rly. Nagar, Channagiri Taluk. WHEREAS, the petitioner has filed the above appeal against the impugned order dated 18-09-2005 passed in Case No. LRF/TA/8/ 1998. This Hon'ble Tribunal has posted the case for hearing on 29.04.2025 at 11.00 A.M. If you fail to appear before the Tribunal on that date, the case will be heard and decided in your absence. Given under my hand and seal of this Tribunal on this 20th day of March 2025. By order of the Court, Asst. Registrar Karnataka Revenue Appellate Tribunal Bangalore.
